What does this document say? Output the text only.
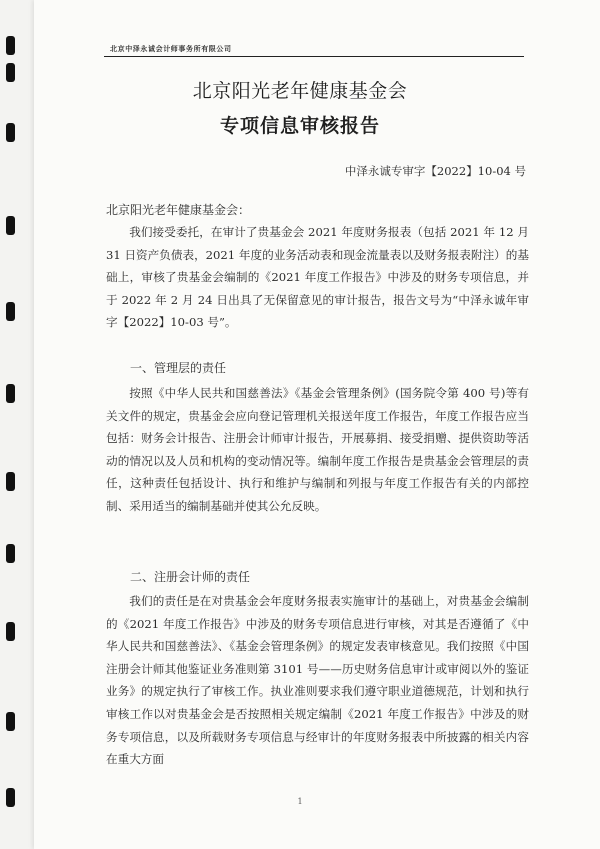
北京中泽永诚会计师事务所有限公司
北京阳光老年健康基金会
专项信息审核报告
中泽永诚专审字【2022】10-04 号
北京阳光老年健康基金会：

我们接受委托，在审计了贵基金会 2021 年度财务报表（包括 2021 年 12 月 31 日资产负债表，2021 年度的业务活动表和现金流量表以及财务报表附注）的基础上，审核了贵基金会编制的《2021 年度工作报告》中涉及的财务专项信息，并于 2022 年 2 月 24 日出具了无保留意见的审计报告，报告文号为“中泽永诚年审字【2022】10-03 号”。

一、管理层的责任

按照《中华人民共和国慈善法》《基金会管理条例》(国务院令第 400 号)等有关文件的规定，贵基金会应向登记管理机关报送年度工作报告，年度工作报告应当包括：财务会计报告、注册会计师审计报告，开展募捐、接受捐赠、提供资助等活动的情况以及人员和机构的变动情况等。编制年度工作报告是贵基金会管理层的责任，这种责任包括设计、执行和维护与编制和列报与年度工作报告有关的内部控制、采用适当的编制基础并使其公允反映。

二、注册会计师的责任

我们的责任是在对贵基金会年度财务报表实施审计的基础上，对贵基金会编制的《2021 年度工作报告》中涉及的财务专项信息进行审核，对其是否遵循了《中华人民共和国慈善法》、《基金会管理条例》的规定发表审核意见。我们按照《中国注册会计师其他鉴证业务准则第 3101 号——历史财务信息审计或审阅以外的鉴证业务》的规定执行了审核工作。执业准则要求我们遵守职业道德规范，计划和执行审核工作以对贵基金会是否按照相关规定编制《2021 年度工作报告》中涉及的财务专项信息，以及所载财务专项信息与经审计的年度财务报表中所披露的相关内容在重大方面

1
